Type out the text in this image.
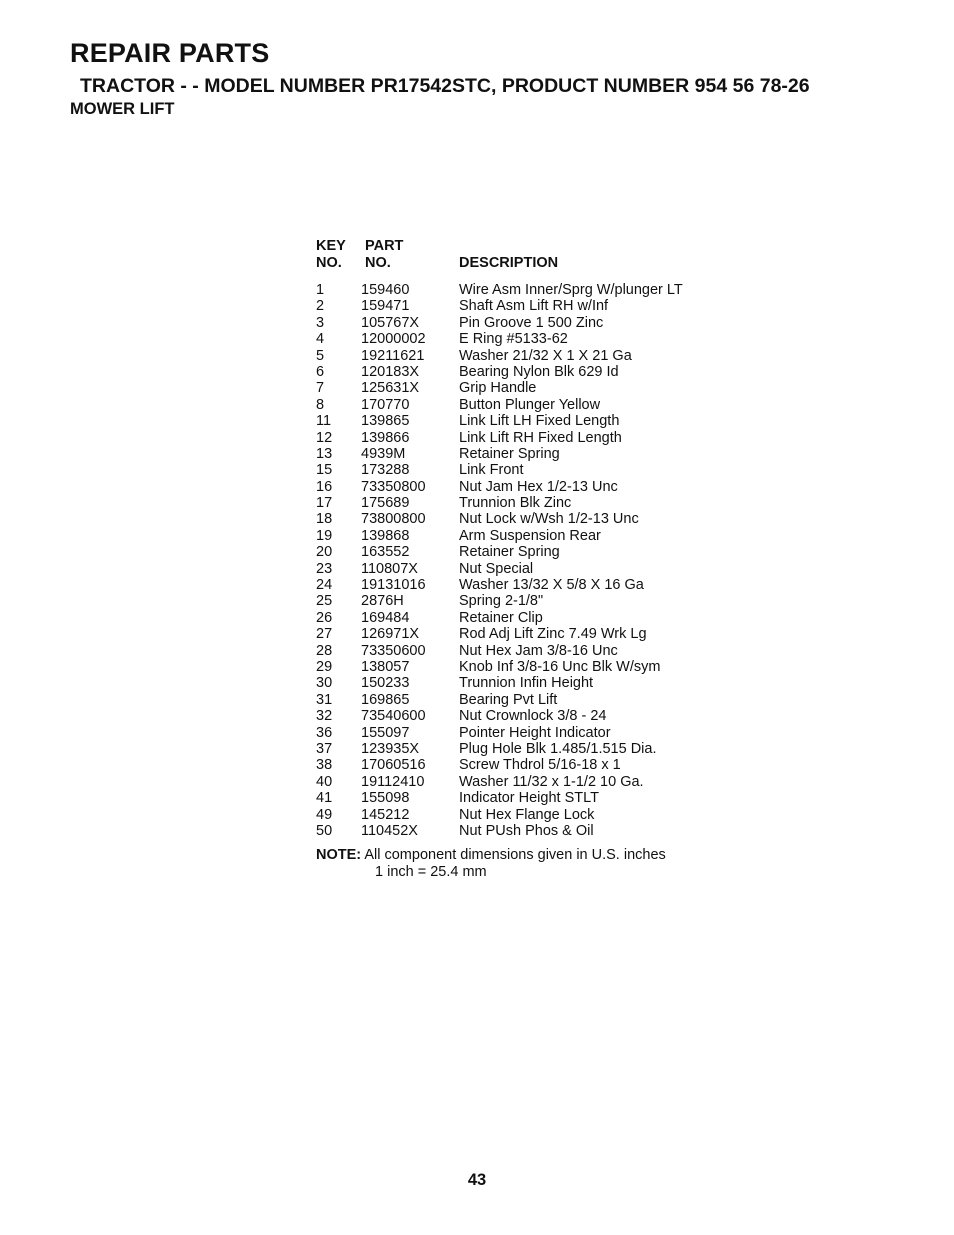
REPAIR PARTS
TRACTOR - - MODEL NUMBER PR17542STC, PRODUCT NUMBER 954 56 78-26
MOWER LIFT
KEY
NO.
PART
NO.	DESCRIPTION
1	159460	Wire Asm Inner/Sprg W/plunger LT
2	159471	Shaft Asm Lift RH w/Inf
3	105767X	Pin Groove 1 500 Zinc
4	12000002 E Ring #5133-62
5	19211621 Washer 21/32 X 1 X 21 Ga
6	120183X	Bearing Nylon Blk 629 Id
7	125631X	Grip Handle
8	170770	Button Plunger Yellow
11 139865	Link Lift LH Fixed Length
12 139866	Link Lift RH Fixed Length
13 4939M	Retainer Spring
15 173288	Link Front
16 73350800 Nut Jam Hex 1/2-13 Unc
17 175689	Trunnion Blk Zinc
18 73800800 Nut Lock w/Wsh 1/2-13 Unc
19 139868	Arm Suspension Rear
20 163552	Retainer Spring
23 110807X	Nut Special
24 19131016 Washer 13/32 X 5/8 X 16 Ga
25 2876H	Spring 2-1/8"
26 169484	Retainer Clip
27 126971X	Rod Adj Lift Zinc 7.49 Wrk Lg
28 73350600 Nut Hex Jam 3/8-16 Unc
29 138057	Knob Inf 3/8-16 Unc Blk W/sym
30 150233	Trunnion Infin Height
31 169865	Bearing Pvt Lift
32 73540600 Nut Crownlock 3/8 - 24
36 155097	Pointer Height Indicator
37 123935X	Plug Hole Blk 1.485/1.515 Dia.
38 17060516 Screw Thdrol 5/16-18 x 1
40 19112410 Washer 11/32 x 1-1/2 10 Ga.
41 155098	Indicator Height STLT
49 145212	Nut Hex Flange Lock
50 110452X	Nut PUsh Phos & Oil
NOTE: All component dimensions given in U.S. inches
1 inch = 25.4 mm
43
